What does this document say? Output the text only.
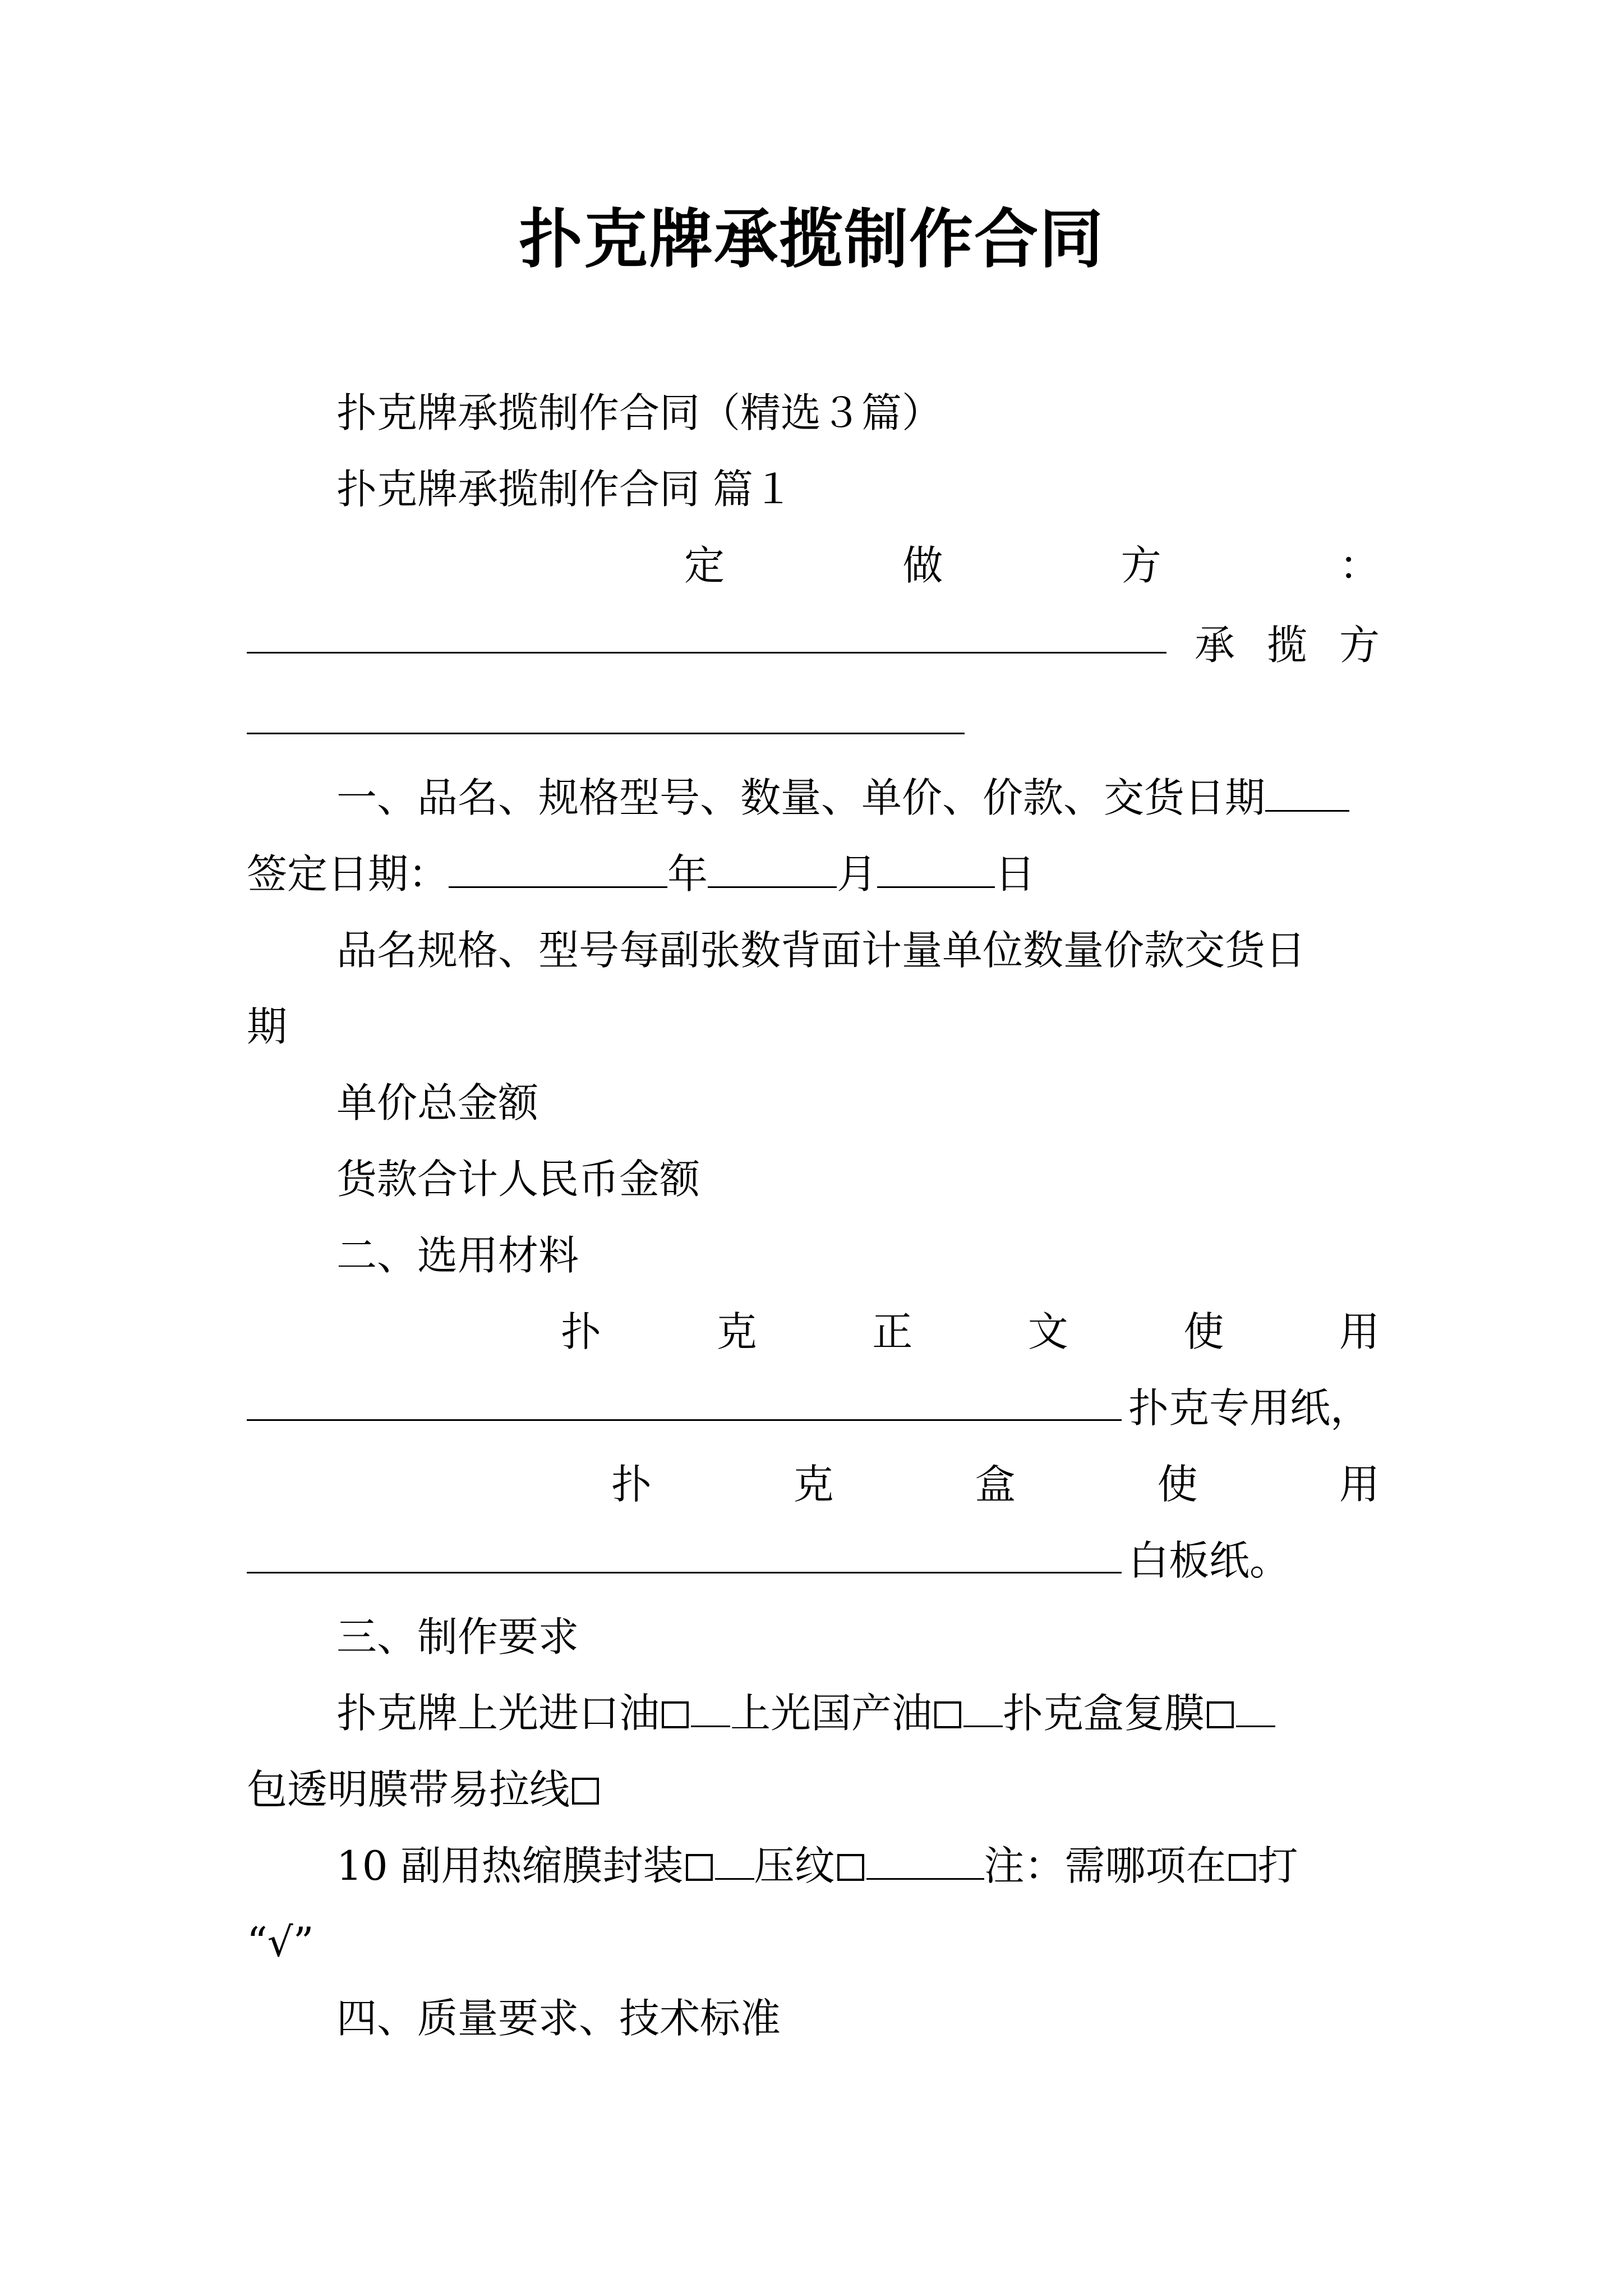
扑克牌承揽制作合同

扑克牌承揽制作合同（精选３篇）

扑克牌承揽制作合同 篇１

定	做	方	：
承 揽 方

一、品名、规格型号、数量、单价、价款、交货日期

签定日期：	年	月	日

品名规格、型号每副张数背面计量单位数量价款交货日

期

单价总金额

货款合计人民币金额

二、选用材料

扑	克	正	文	使	用

扑克专用纸，

扑	克	盒	使	用

白板纸。

三、制作要求

扑克牌上光进口油 上光国产油 扑克盒复膜

包透明膜带易拉线

10 副用热缩膜封装 压纹	注：需哪项在 打

“√”

四、质量要求、技术标准
